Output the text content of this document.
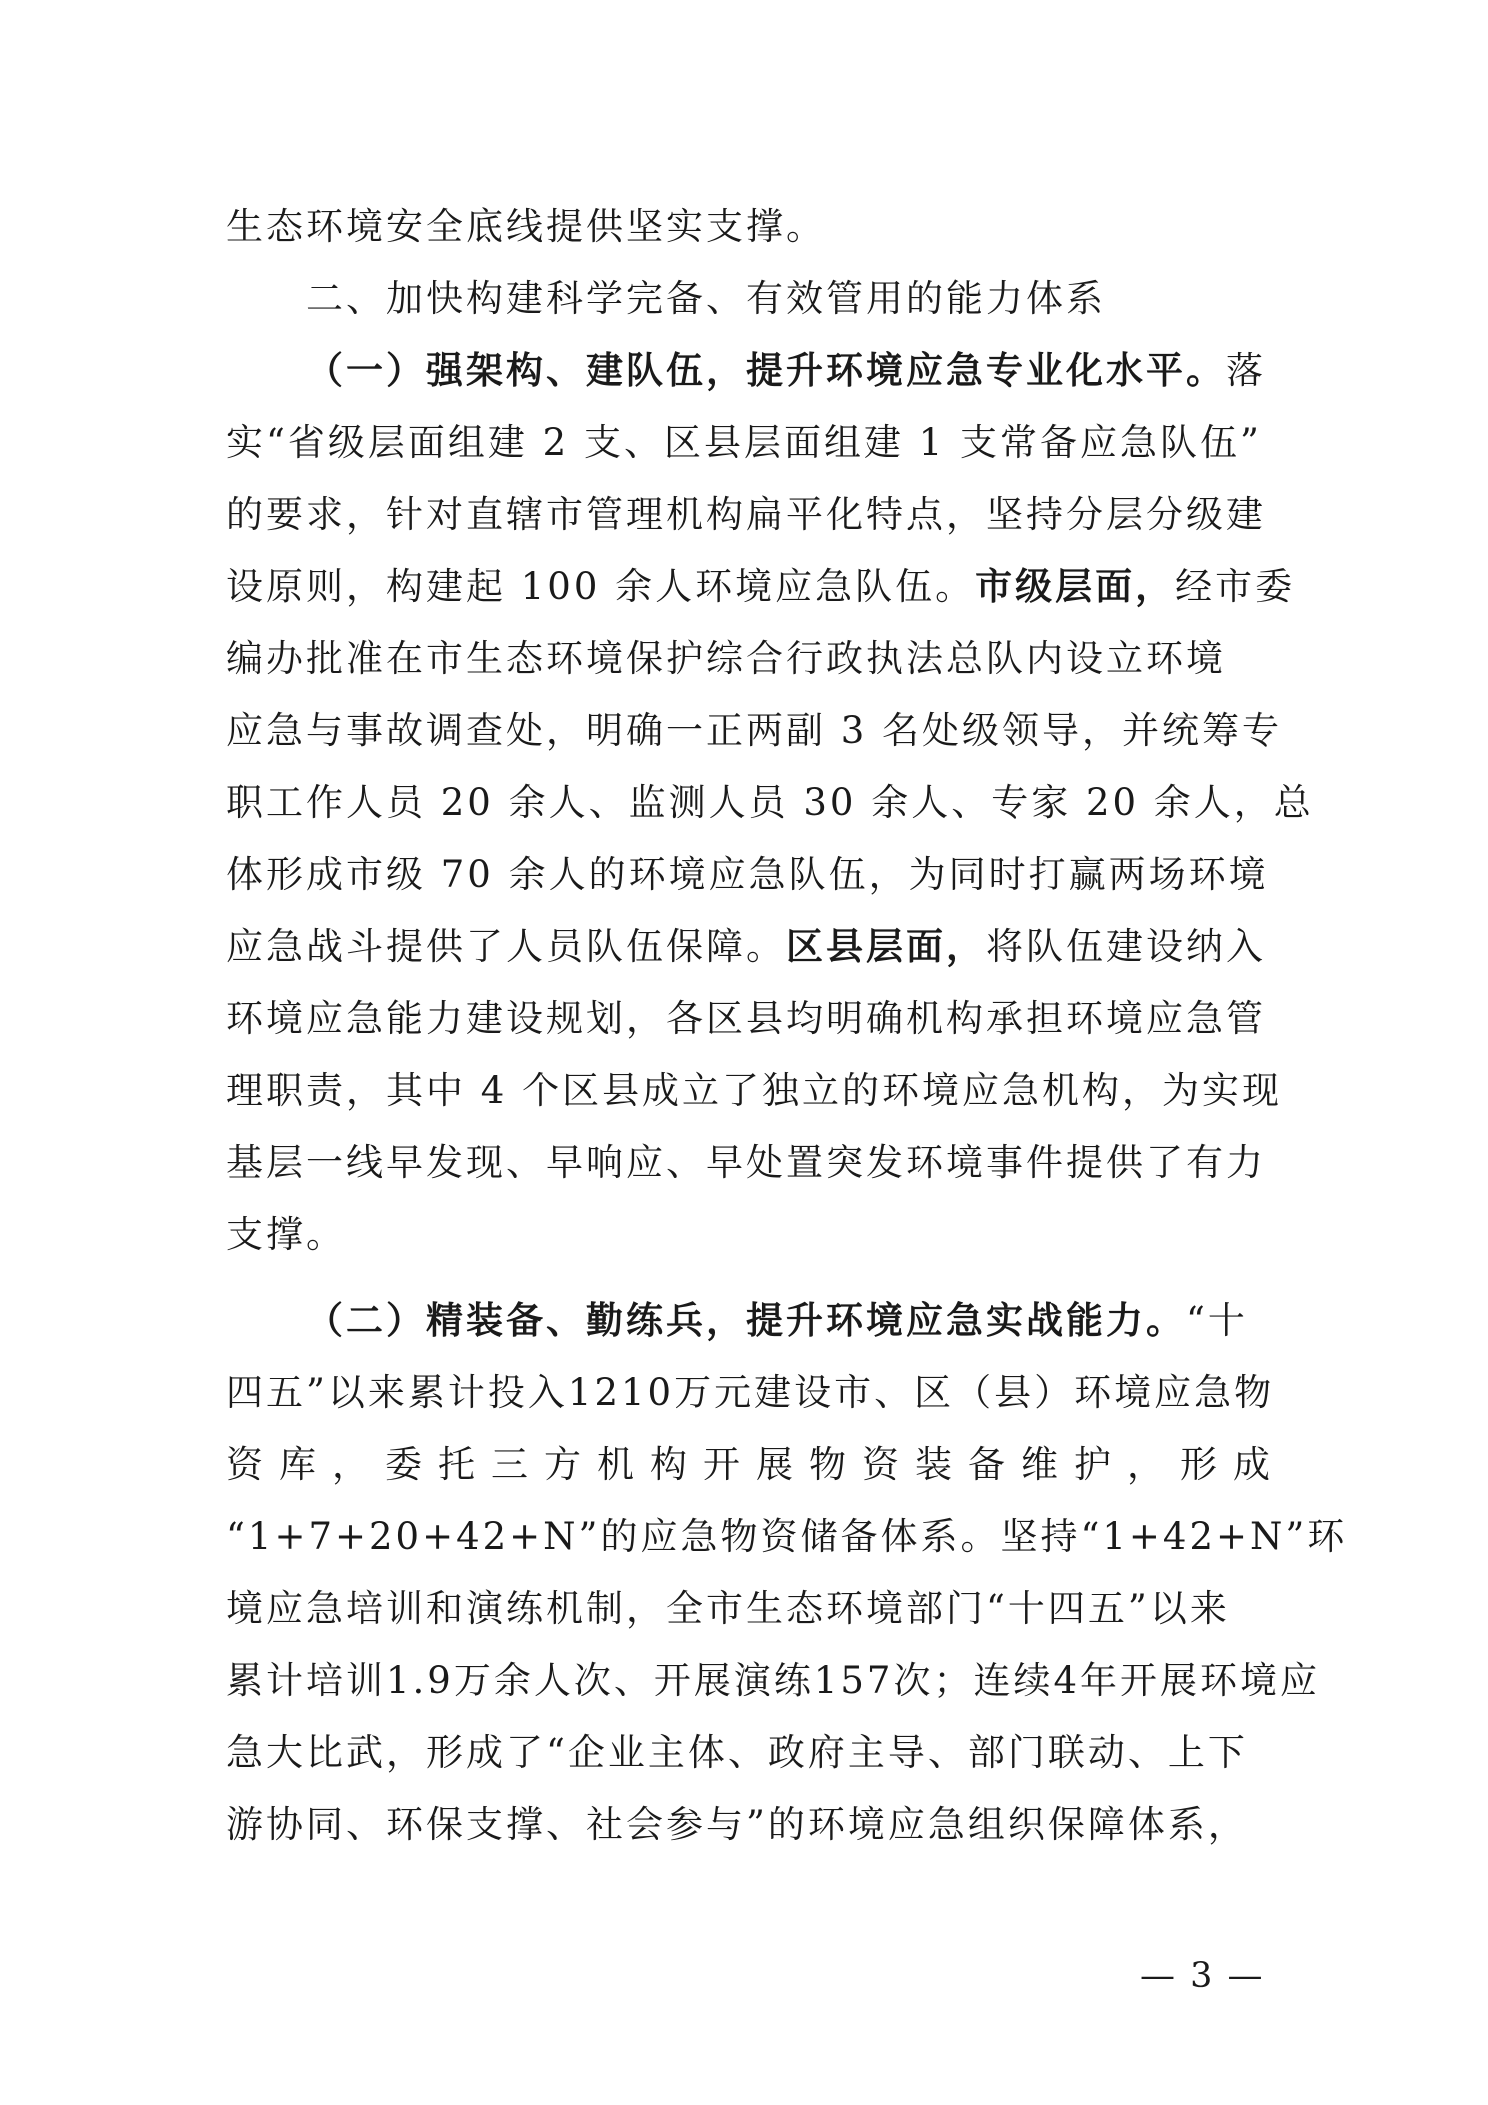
生态环境安全底线提供坚实支撑。
二、加快构建科学完备、有效管用的能力体系
（一）强架构、建队伍，提升环境应急专业化水平。落
实“省级层面组建 2 支、区县层面组建 1 支常备应急队伍”
的要求，针对直辖市管理机构扁平化特点，坚持分层分级建
设原则，构建起 100 余人环境应急队伍。市级层面，经市委
编办批准在市生态环境保护综合行政执法总队内设立环境
应急与事故调查处，明确一正两副 3 名处级领导，并统筹专
职工作人员 20 余人、监测人员 30 余人、专家 20 余人，总
体形成市级 70 余人的环境应急队伍，为同时打赢两场环境
应急战斗提供了人员队伍保障。区县层面，将队伍建设纳入
环境应急能力建设规划，各区县均明确机构承担环境应急管
理职责，其中 4 个区县成立了独立的环境应急机构，为实现
基层一线早发现、早响应、早处置突发环境事件提供了有力
支撑。
（二）精装备、勤练兵，提升环境应急实战能力。“十
四五”以来累计投入1210万元建设市、区（县）环境应急物
资库，委托三方机构开展物资装备维护，形成
“1+7+20+42+N”的应急物资储备体系。坚持“1+42+N”环
境应急培训和演练机制，全市生态环境部门“十四五”以来
累计培训1.9万余人次、开展演练157次；连续4年开展环境应
急大比武，形成了“企业主体、政府主导、部门联动、上下
游协同、环保支撑、社会参与”的环境应急组织保障体系，
— 3 —
